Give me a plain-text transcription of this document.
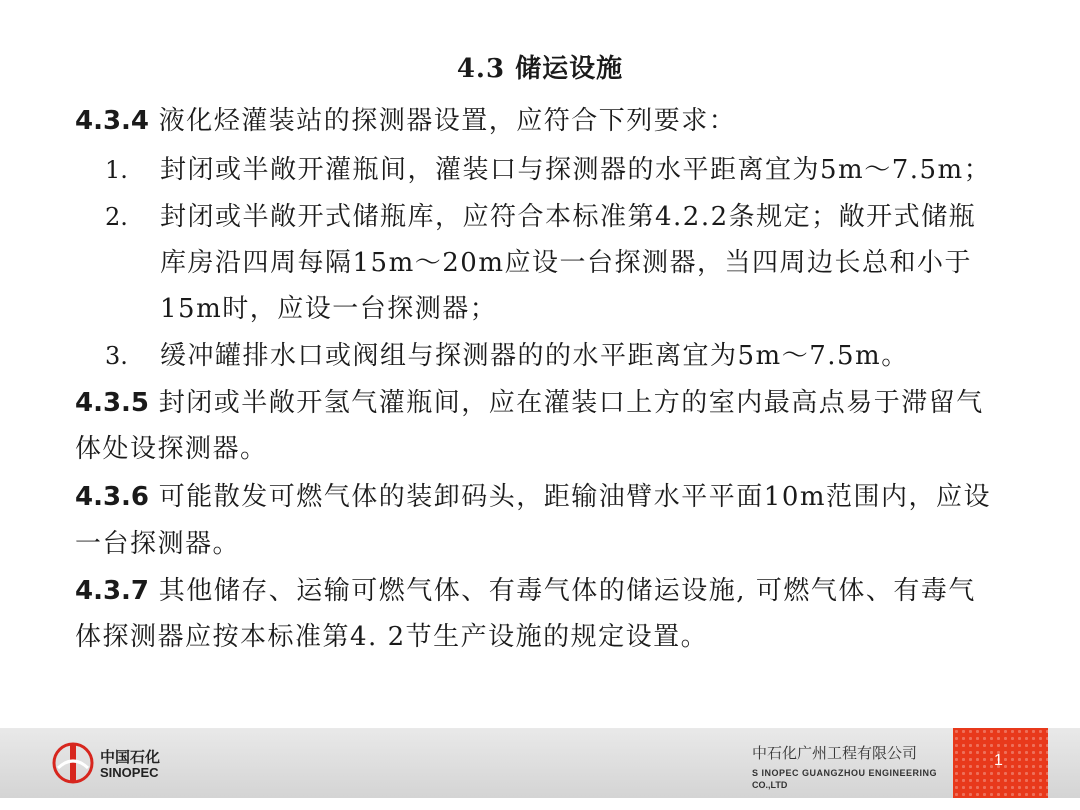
4.3 储运设施
4.3.4 液化烃灌装站的探测器设置，应符合下列要求：
1. 封闭或半敞开灌瓶间，灌装口与探测器的水平距离宜为5m～7.5m；
2. 封闭或半敞开式储瓶库，应符合本标准第4.2.2条规定；敞开式储瓶
库房沿四周每隔15m～20m应设一台探测器，当四周边长总和小于
15m时，应设一台探测器；
3. 缓冲罐排水口或阀组与探测器的的水平距离宜为5m～7.5m。
4.3.5 封闭或半敞开氢气灌瓶间，应在灌装口上方的室内最高点易于滞留气
体处设探测器。
4.3.6 可能散发可燃气体的装卸码头，距输油臂水平平面10m范围内，应设
一台探测器。
4.3.7 其他储存、运输可燃气体、有毒气体的储运设施, 可燃气体、有毒气
体探测器应按本标准第4. 2节生产设施的规定设置。
中国石化
SINOPEC
中石化广州工程有限公司
S INOPEC GUANGZHOU ENGINEERING
CO.,LTD
1
